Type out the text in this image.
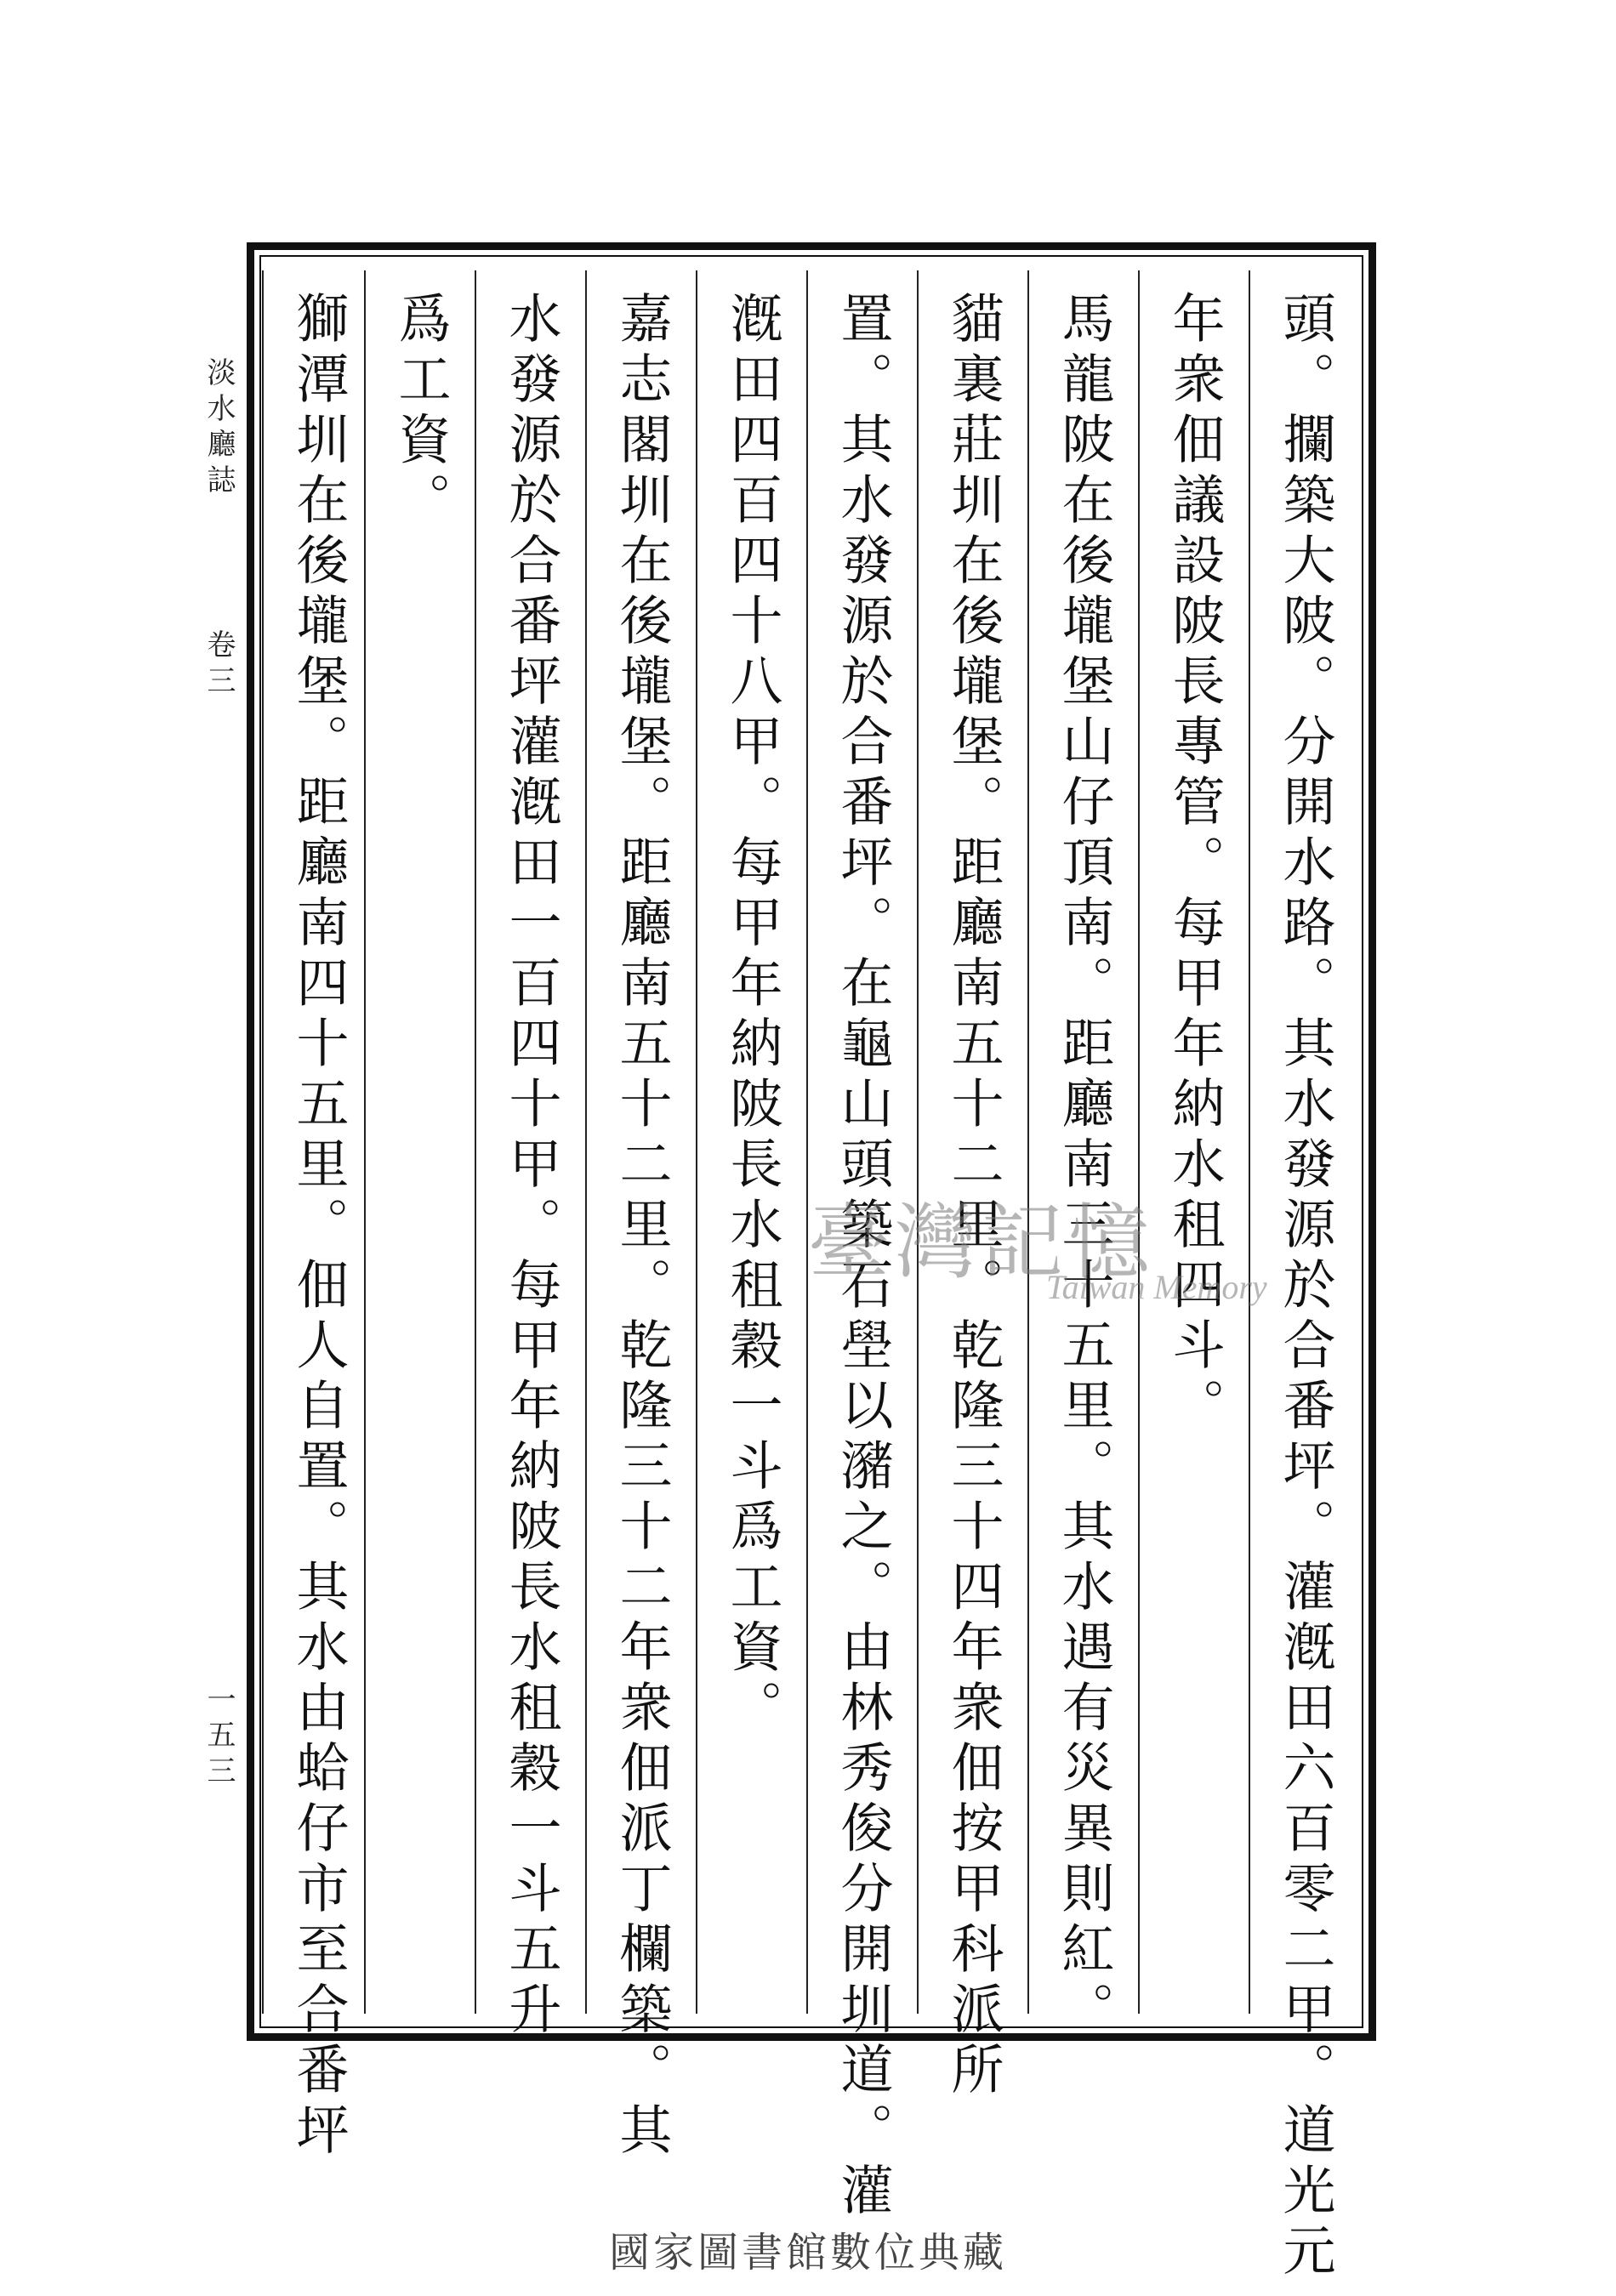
淡水廳誌
卷三
一五三	頭。攔築大陂。分開水路。其水發源於合番坪。灌漑田六百零二甲。道光元
年衆佃議設陂長專管。每甲年納水租四斗。
馬龍陂在後壠堡山仔頂南。距廳南三十五里。其水遇有災異則紅。
貓裏莊圳在後壠堡。距廳南五十二里。乾隆三十四年衆佃按甲科派所
置。其水發源於合番坪。在龜山頭築石壆以瀦之。由林秀俊分開圳道。灌
漑田四百四十八甲。每甲年納陂長水租穀一斗爲工資。
嘉志閣圳在後壠堡。距廳南五十二里。乾隆三十二年衆佃派丁欄築。其
水發源於合番坪灌漑田一百四十甲。每甲年納陂長水租穀一斗五升
爲工資。
獅潭圳在後壠堡。距廳南四十五里。佃人自置。其水由蛤仔市至合番坪	臺灣記憶
Taiwan Memory
國家圖書館數位典藏
